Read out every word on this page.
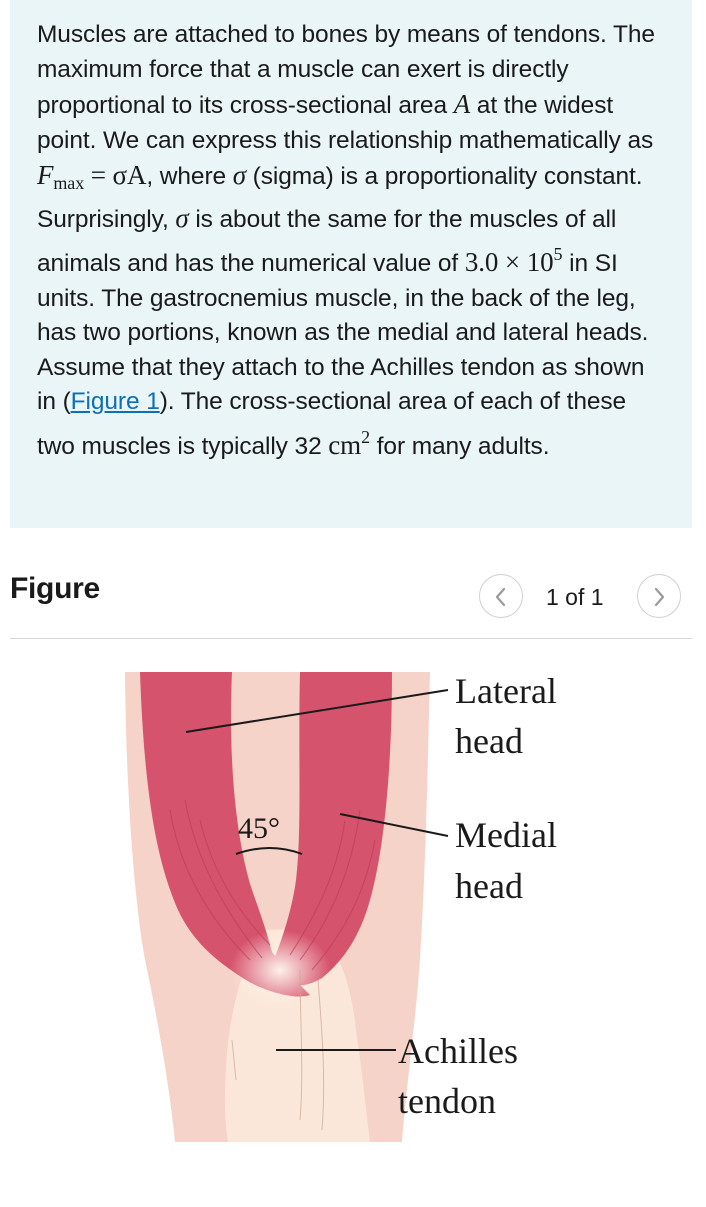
Muscles are attached to bones by means of tendons. The maximum force that a muscle can exert is directly proportional to its cross-sectional area A at the widest point. We can express this relationship mathematically as $F_{max} = \sigma A$, where σ (sigma) is a proportionality constant. Surprisingly, σ is about the same for the muscles of all animals and has the numerical value of $3.0 \times 10^5$ in SI units. The gastrocnemius muscle, in the back of the leg, has two portions, known as the medial and lateral heads. Assume that they attach to the Achilles tendon as shown in (Figure 1). The cross-sectional area of each of these two muscles is typically 32 $cm^2$ for many adults.

Figure	1 of 1
45°
Lateral
head
Medial
head
Achilles
tendon
